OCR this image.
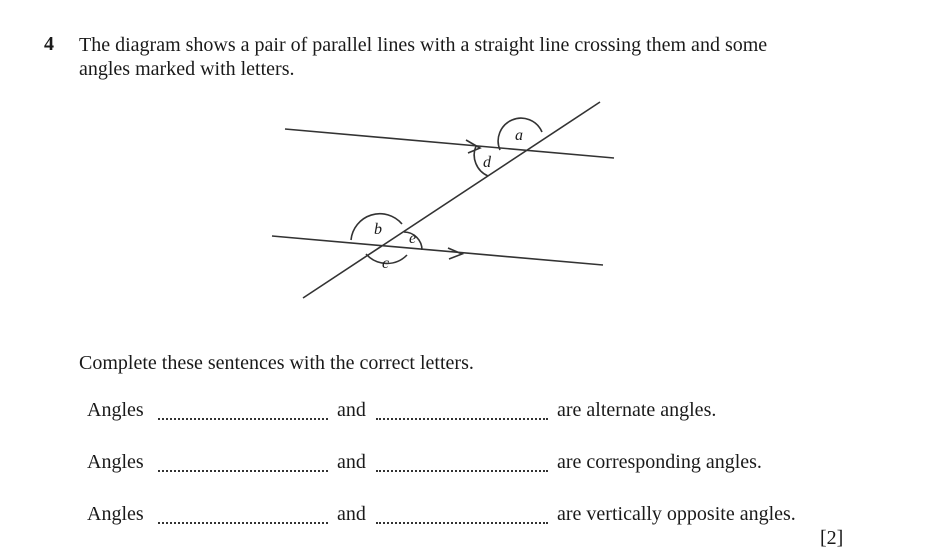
4 The diagram shows a pair of parallel lines with a straight line crossing them and some
angles marked with letters.
a
d
b
e
c
Complete these sentences with the correct letters.
Angles	and	are alternate angles.
Angles	and	are corresponding angles.
Angles	and	are vertically opposite angles.
[2]
